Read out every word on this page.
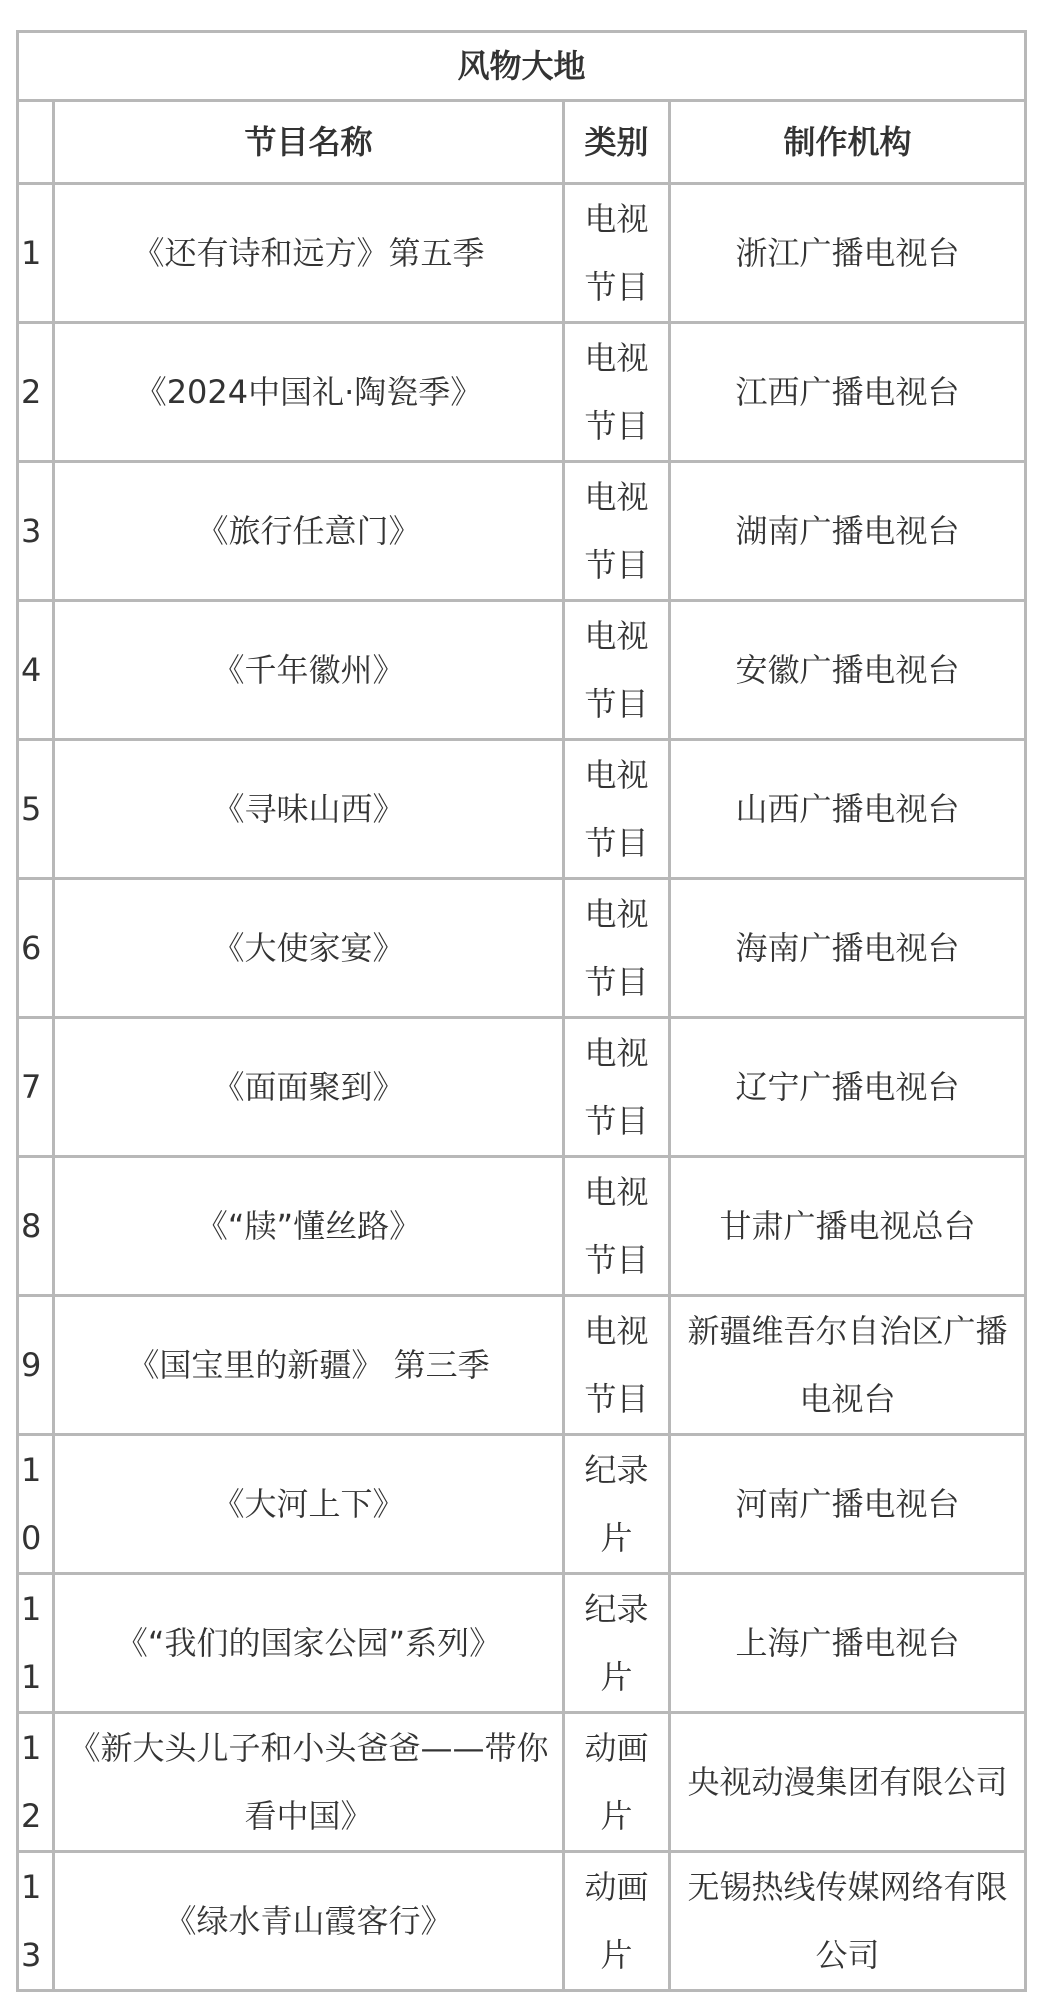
风物大地			
	节目名称	类别	制作机构
1	《还有诗和远方》第五季	电视节目	浙江广播电视台
2	《2024中国礼·陶瓷季》	电视节目	江西广播电视台
3	《旅行任意门》	电视节目	湖南广播电视台
4	《千年徽州》	电视节目	安徽广播电视台
5	《寻味山西》	电视节目	山西广播电视台
6	《大使家宴》	电视节目	海南广播电视台
7	《面面聚到》	电视节目	辽宁广播电视台
8	《“牍”懂丝路》	电视节目	甘肃广播电视总台
9	《国宝里的新疆》 第三季	电视节目	新疆维吾尔自治区广播电视台
10	《大河上下》	纪录片	河南广播电视台
11	《“我们的国家公园”系列》	纪录片	上海广播电视台
12	《新大头儿子和小头爸爸——带你看中国》	动画片	央视动漫集团有限公司
13	《绿水青山霞客行》	动画片	无锡热线传媒网络有限公司
